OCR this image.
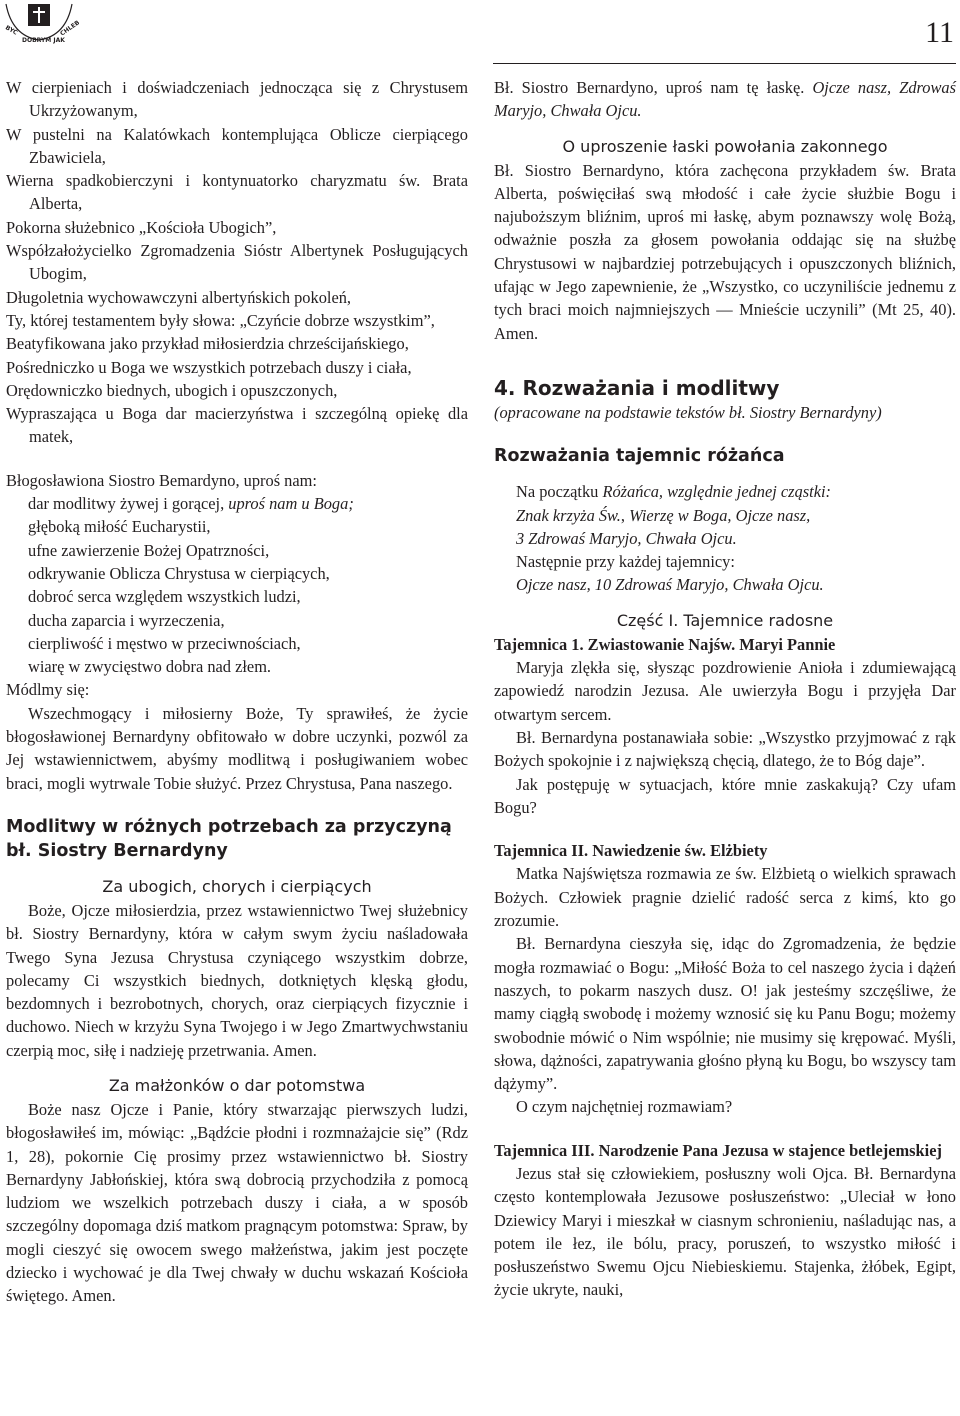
BYĆ
DOBRYM JAK
CHLEB	11

W cierpieniach i doświadczeniach jednocząca się z Chrystusem Ukrzyżowanym,

W pustelni na Kalatówkach kontemplująca Oblicze cierpiącego Zbawiciela,

Wierna spadkobierczyni i kontynuatorko charyzmatu św. Brata Alberta,

Pokorna służebnico „Kościoła Ubogich”,

Współzałożycielko Zgromadzenia Sióstr Albertynek Posługujących Ubogim,

Długoletnia wychowawczyni albertyńskich pokoleń,

Ty, której testamentem były słowa: „Czyńcie dobrze wszystkim”,

Beatyfikowana jako przykład miłosierdzia chrześcijańskiego,

Pośredniczko u Boga we wszystkich potrzebach duszy i ciała,

Orędowniczko biednych, ubogich i opuszczonych,

Wypraszająca u Boga dar macierzyństwa i szczególną opiekę dla matek,

Błogosławiona Siostro Bemardyno, uproś nam:

dar modlitwy żywej i gorącej, uproś nam u Boga;

głęboką miłość Eucharystii,

ufne zawierzenie Bożej Opatrzności,

odkrywanie Oblicza Chrystusa w cierpiących,

dobroć serca względem wszystkich ludzi,

ducha zaparcia i wyrzeczenia,

cierpliwość i męstwo w przeciwnościach,

wiarę w zwycięstwo dobra nad złem.

Módlmy się:

Wszechmogący i miłosierny Boże, Ty sprawiłeś, że życie błogosławionej Bernardyny obfitowało w dobre uczynki, pozwól za Jej wstawiennictwem, abyśmy modlitwą i posługiwaniem wobec braci, mogli wytrwale Tobie służyć. Przez Chrystusa, Pana naszego.

Modlitwy w różnych potrzebach za przyczyną bł. Siostry Bernardyny

Za ubogich, chorych i cierpiących

Boże, Ojcze miłosierdzia, przez wstawiennictwo Twej służebnicy bł. Siostry Bernardyny, która w całym swym życiu naśladowała Twego Syna Jezusa Chrystusa czyniącego wszystkim dobrze, polecamy Ci wszystkich biednych, dotkniętych klęską głodu, bezdomnych i bezrobotnych, chorych, oraz cierpiących fizycznie i duchowo. Niech w krzyżu Syna Twojego i w Jego Zmartwychwstaniu czerpią moc, siłę i nadzieję przetrwania. Amen.

Za małżonków o dar potomstwa

Boże nasz Ojcze i Panie, który stwarzając pierwszych ludzi, błogosławiłeś im, mówiąc: „Bądźcie płodni i rozmnażajcie się” (Rdz 1, 28), pokornie Cię prosimy przez wstawiennictwo bł. Siostry Bernardyny Jabłońskiej, która swą dobrocią przychodziła z pomocą ludziom we wszelkich potrzebach duszy i ciała, a w sposób szczególny dopomaga dziś matkom pragnącym potomstwa: Spraw, by mogli cieszyć się owocem swego małżeństwa, jakim jest poczęte dziecko i wychować je dla Twej chwały w duchu wskazań Kościoła świętego. Amen.

Bł. Siostro Bernardyno, uproś nam tę łaskę. Ojcze nasz, Zdrowaś Maryjo, Chwała Ojcu.

O uproszenie łaski powołania zakonnego

Bł. Siostro Bernardyno, która zachęcona przykładem św. Brata Alberta, poświęciłaś swą młodość i całe życie służbie Bogu i najuboższym bliźnim, uproś mi łaskę, abym poznawszy wolę Bożą, odważnie poszła za głosem powołania oddając się na służbę Chrystusowi w najbardziej potrzebujących i opuszczonych bliźnich, ufając w Jego zapewnienie, że „Wszystko, co uczyniliście jednemu z tych braci moich najmniejszych — Mnieście uczynili” (Mt 25, 40). Amen.

4. Rozważania i modlitwy

(opracowane na podstawie tekstów bł. Siostry Bernardyny)

Rozważania tajemnic różańca

Na początku Różańca, względnie jednej cząstki:

Znak krzyża Św., Wierzę w Boga, Ojcze nasz,

3 Zdrowaś Maryjo, Chwała Ojcu.

Następnie przy każdej tajemnicy:

Ojcze nasz, 10 Zdrowaś Maryjo, Chwała Ojcu.

Część I. Tajemnice radosne

Tajemnica 1. Zwiastowanie Najśw. Maryi Pannie

Maryja zlękła się, słysząc pozdrowienie Anioła i zdumiewającą zapowiedź narodzin Jezusa. Ale uwierzyła Bogu i przyjęła Dar otwartym sercem.

Bł. Bernardyna postanawiała sobie: „Wszystko przyjmować z rąk Bożych spokojnie i z największą chęcią, dlatego, że to Bóg daje”.

Jak postępuję w sytuacjach, które mnie zaskakują? Czy ufam Bogu?

Tajemnica II. Nawiedzenie św. Elżbiety

Matka Najświętsza rozmawia ze św. Elżbietą o wielkich sprawach Bożych. Człowiek pragnie dzielić radość serca z kimś, kto go zrozumie.

Bł. Bernardyna cieszyła się, idąc do Zgromadzenia, że będzie mogła rozmawiać o Bogu: „Miłość Boża to cel naszego życia i dążeń naszych, to pokarm naszych dusz. O! jak jesteśmy szczęśliwe, że mamy ciągłą swobodę i możemy wznosić się ku Panu Bogu; możemy swobodnie mówić o Nim wspólnie; nie musimy się krępować. Myśli, słowa, dążności, zapatrywania głośno płyną ku Bogu, bo wszyscy tam dążymy”.

O czym najchętniej rozmawiam?

Tajemnica III. Narodzenie Pana Jezusa w stajence betlejemskiej

Jezus stał się człowiekiem, posłuszny woli Ojca. Bł. Bernardyna często kontemplowała Jezusowe posłuszeństwo: „Uleciał w łono Dziewicy Maryi i mieszkał w ciasnym schronieniu, naśladując nas, a potem ile łez, ile bólu, pracy, poruszeń, to wszystko miłość i posłuszeństwo Swemu Ojcu Niebieskiemu. Stajenka, żłóbek, Egipt, życie ukryte, nauki,
